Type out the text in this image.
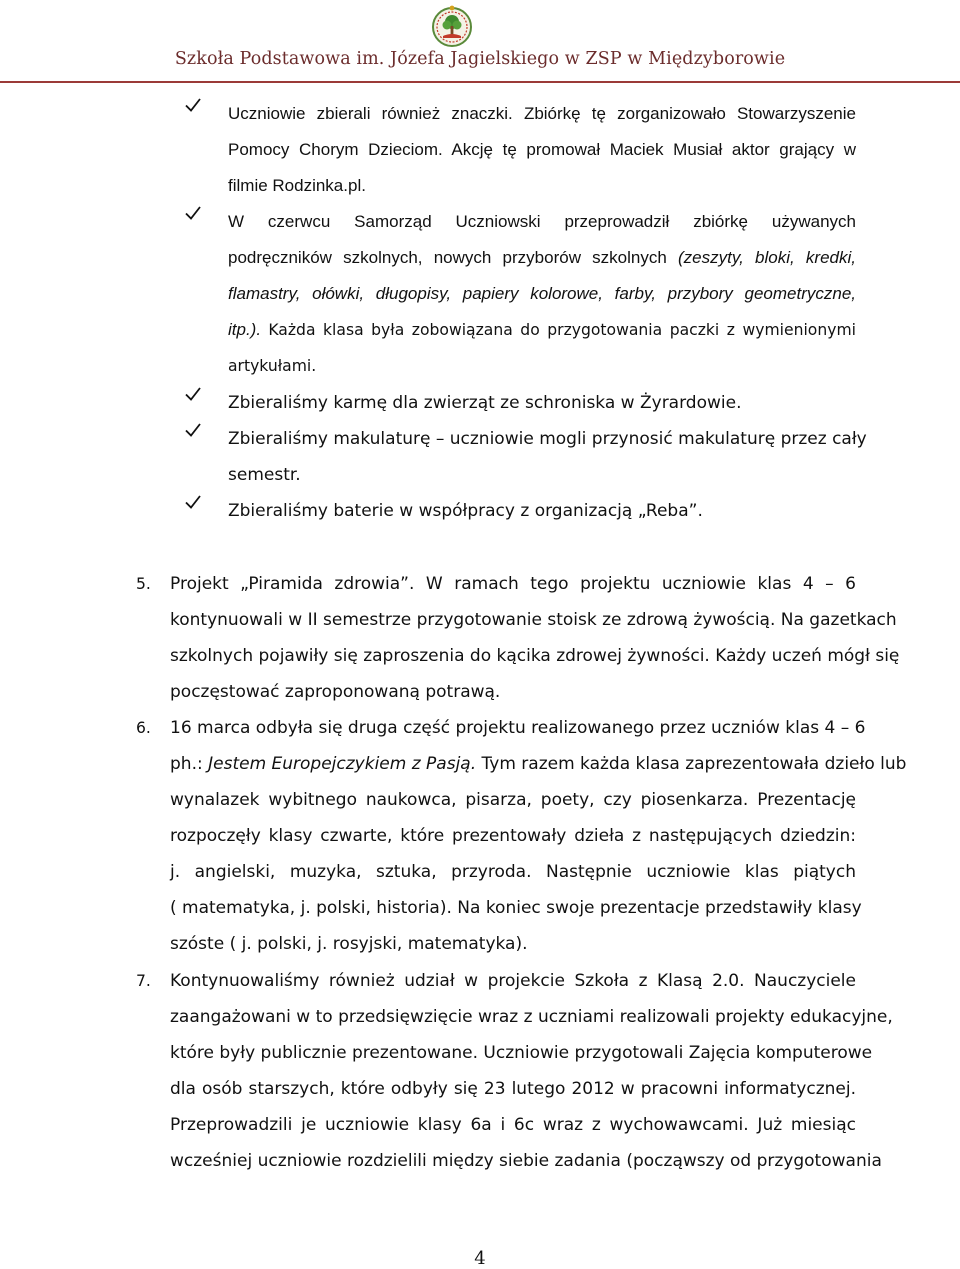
Szkoła Podstawowa im. Józefa Jagielskiego w ZSP w Międzyborowie
Uczniowie zbierali również znaczki. Zbiórkę tę zorganizowało Stowarzyszenie
Pomocy Chorym Dzieciom. Akcję tę promował Maciek Musiał aktor grający w
filmie Rodzinka.pl.
W czerwcu Samorząd Uczniowski przeprowadził zbiórkę używanych
podręczników szkolnych, nowych przyborów szkolnych (zeszyty, bloki, kredki,
flamastry, ołówki, długopisy, papiery kolorowe, farby, przybory geometryczne,
itp.). Każda klasa była zobowiązana do przygotowania paczki z wymienionymi
artykułami.
Zbieraliśmy karmę dla zwierząt ze schroniska w Żyrardowie.
Zbieraliśmy makulaturę – uczniowie mogli przynosić makulaturę przez cały
semestr.
Zbieraliśmy baterie w współpracy z organizacją „Reba”.
5. Projekt „Piramida zdrowia”. W ramach tego projektu uczniowie klas 4 – 6
kontynuowali w II semestrze przygotowanie stoisk ze zdrową żywością. Na gazetkach
szkolnych pojawiły się zaproszenia do kącika zdrowej żywności. Każdy uczeń mógł się
poczęstować zaproponowaną potrawą.
6. 16 marca odbyła się druga część projektu realizowanego przez uczniów klas 4 – 6
ph.: Jestem Europejczykiem z Pasją. Tym razem każda klasa zaprezentowała dzieło lub
wynalazek wybitnego naukowca, pisarza, poety, czy piosenkarza. Prezentację
rozpoczęły klasy czwarte, które prezentowały dzieła z następujących dziedzin:
j. angielski, muzyka, sztuka, przyroda. Następnie uczniowie klas piątych
( matematyka, j. polski, historia). Na koniec swoje prezentacje przedstawiły klasy
szóste ( j. polski, j. rosyjski, matematyka).
7. Kontynuowaliśmy również udział w projekcie Szkoła z Klasą 2.0. Nauczyciele
zaangażowani w to przedsięwzięcie wraz z uczniami realizowali projekty edukacyjne,
które były publicznie prezentowane. Uczniowie przygotowali Zajęcia komputerowe
dla osób starszych, które odbyły się 23 lutego 2012 w pracowni informatycznej.
Przeprowadzili je uczniowie klasy 6a i 6c wraz z wychowawcami. Już miesiąc
wcześniej uczniowie rozdzielili między siebie zadania (począwszy od przygotowania
4
